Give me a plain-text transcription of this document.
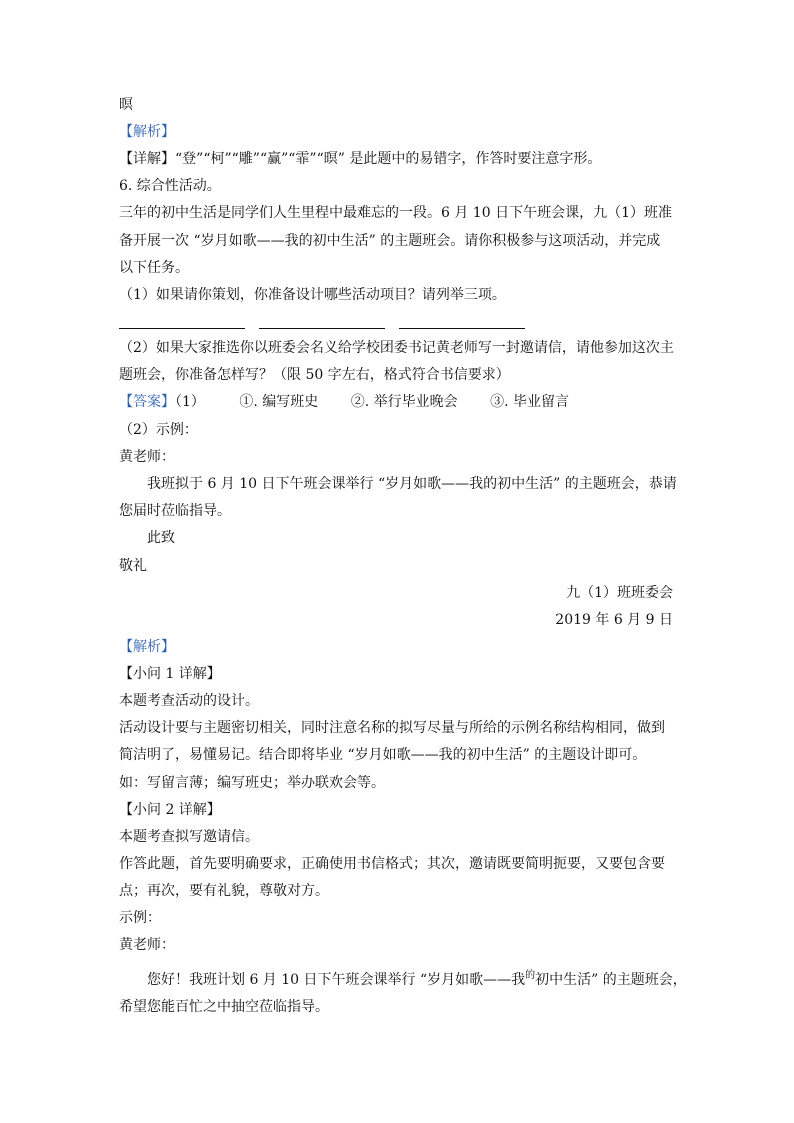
暝
【解析】
【详解】“登”“柯”“雕”“赢”“霏”“暝” 是此题中的易错字，作答时要注意字形。
6. 综合性活动。
三年的初中生活是同学们人生里程中最难忘的一段。6 月 10 日下午班会课，九（1）班准
备开展一次 “岁月如歌——我的初中生活” 的主题班会。请你积极参与这项活动，并完成
以下任务。
（1）如果请你策划，你准备设计哪些活动项目？请列举三项。
（2）如果大家推选你以班委会名义给学校团委书记黄老师写一封邀请信，请他参加这次主
题班会，你准备怎样写？（限 50 字左右，格式符合书信要求）
【答案】（1） ①. 编写班史 ②. 举行毕业晚会 ③. 毕业留言
（2）示例：
黄老师：
我班拟于 6 月 10 日下午班会课举行 “岁月如歌——我的初中生活” 的主题班会，恭请
您届时莅临指导。
此致
敬礼
九（1）班班委会
2019 年 6 月 9 日
【解析】
【小问 1 详解】
本题考查活动的设计。
活动设计要与主题密切相关，同时注意名称的拟写尽量与所给的示例名称结构相同，做到
简洁明了，易懂易记。结合即将毕业 “岁月如歌——我的初中生活” 的主题设计即可。
如：写留言薄；编写班史；举办联欢会等。
【小问 2 详解】
本题考查拟写邀请信。
作答此题，首先要明确要求，正确使用书信格式；其次，邀请既要简明扼要，又要包含要
点；再次，要有礼貌，尊敬对方。
示例：
黄老师：
您好！我班计划 6 月 10 日下午班会课举行 “岁月如歌——我$^的$初中生活” 的主题班会，
希望您能百忙之中抽空莅临指导。
